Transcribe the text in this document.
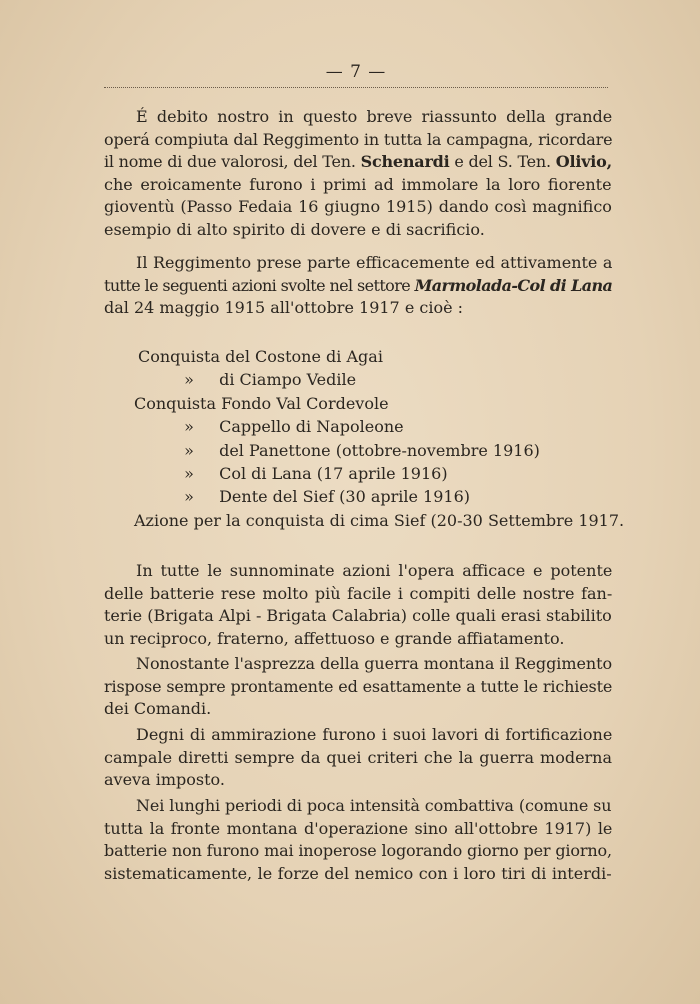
— 7 —
É debito nostro in questo breve riassunto della grande
operá compiuta dal Reggimento in tutta la campagna, ricordare
il nome di due valorosi, del Ten. Schenardi e del S. Ten. Olivio,
che eroicamente furono i primi ad immolare la loro fiorente
gioventù (Passo Fedaia 16 giugno 1915) dando così magnifico
esempio di alto spirito di dovere e di sacrificio.
Il Reggimento prese parte efficacemente ed attivamente a
tutte le seguenti azioni svolte nel settore Marmolada-Col di Lana
dal 24 maggio 1915 all'ottobre 1917 e cioè :
Conquista del Costone di Agai
» di Ciampo Vedile
Conquista Fondo Val Cordevole
» Cappello di Napoleone
» del Panettone (ottobre-novembre 1916)
» Col di Lana (17 aprile 1916)
» Dente del Sief (30 aprile 1916)
Azione per la conquista di cima Sief (20-30 Settembre 1917.
In tutte le sunnominate azioni l'opera afficace e potente
delle batterie rese molto più facile i compiti delle nostre fan-
terie (Brigata Alpi - Brigata Calabria) colle quali erasi stabilito
un reciproco, fraterno, affettuoso e grande affiatamento.
Nonostante l'asprezza della guerra montana il Reggimento
rispose sempre prontamente ed esattamente a tutte le richieste
dei Comandi.
Degni di ammirazione furono i suoi lavori di fortificazione
campale diretti sempre da quei criteri che la guerra moderna
aveva imposto.
Nei lunghi periodi di poca intensità combattiva (comune su
tutta la fronte montana d'operazione sino all'ottobre 1917) le
batterie non furono mai inoperose logorando giorno per giorno,
sistematicamente, le forze del nemico con i loro tiri di interdi-
